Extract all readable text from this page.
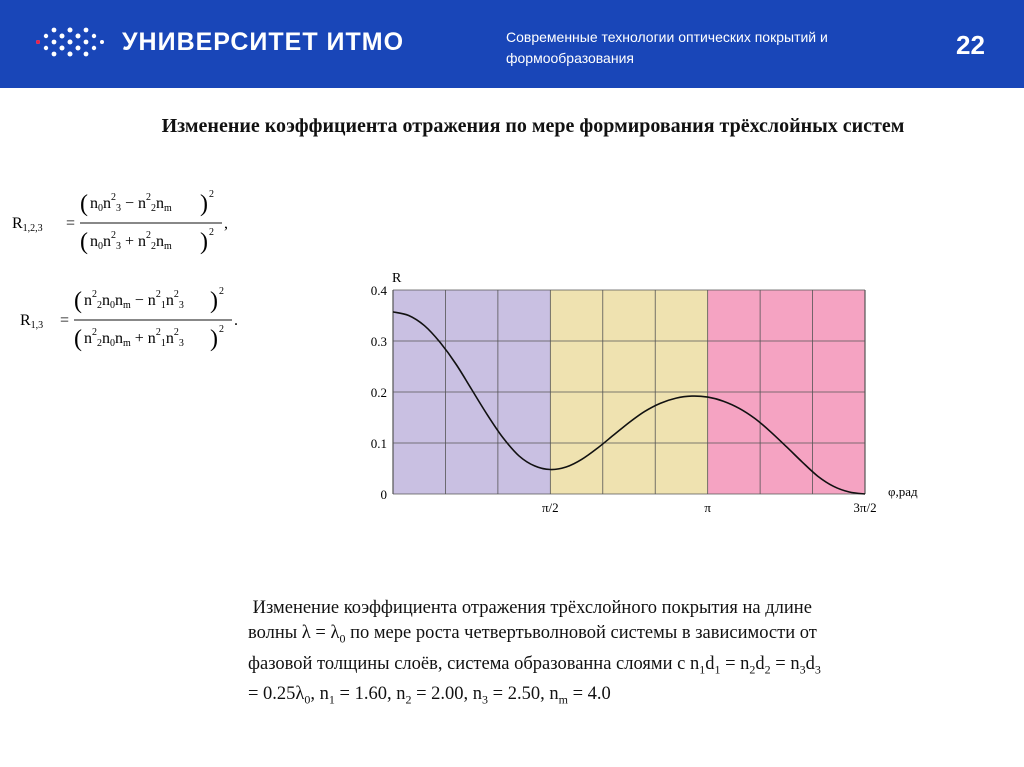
УНИВЕРСИТЕТ ИТМО	Современные технологии оптических покрытий и формообразования	22
Изменение коэффициента отражения по мере формирования трёхслойных систем
R1,2,3 =
( $n0n^2_3 - n^2_2nm$ ) 2
( $n0n^2_3 + n^2_2nm$ ) 2
,
R1,3 =
( $n^2_2n0nm - n^2_1n^2_3$ ) 2
( $n^2_2n0nm + n^2_1n^2_3$ ) 2
.
0
0.1
0.2
0.3
0.4
π/2	π	3π/2
R
φ,рад
Изменение коэффициента отражения трёхслойного покрытия на длине
волны $\lambda = \lambda_0$ по мере роста четвертьволновой системы в зависимости от
фазовой толщины слоёв, система образованна слоями с $n_1d_1 = n_2d_2 = n_3d_3$
= $0.25\lambda_0$, $n_1 = 1.60$, $n_2 = 2.00$, $n_3 = 2.50$, $n_m = 4.0$
